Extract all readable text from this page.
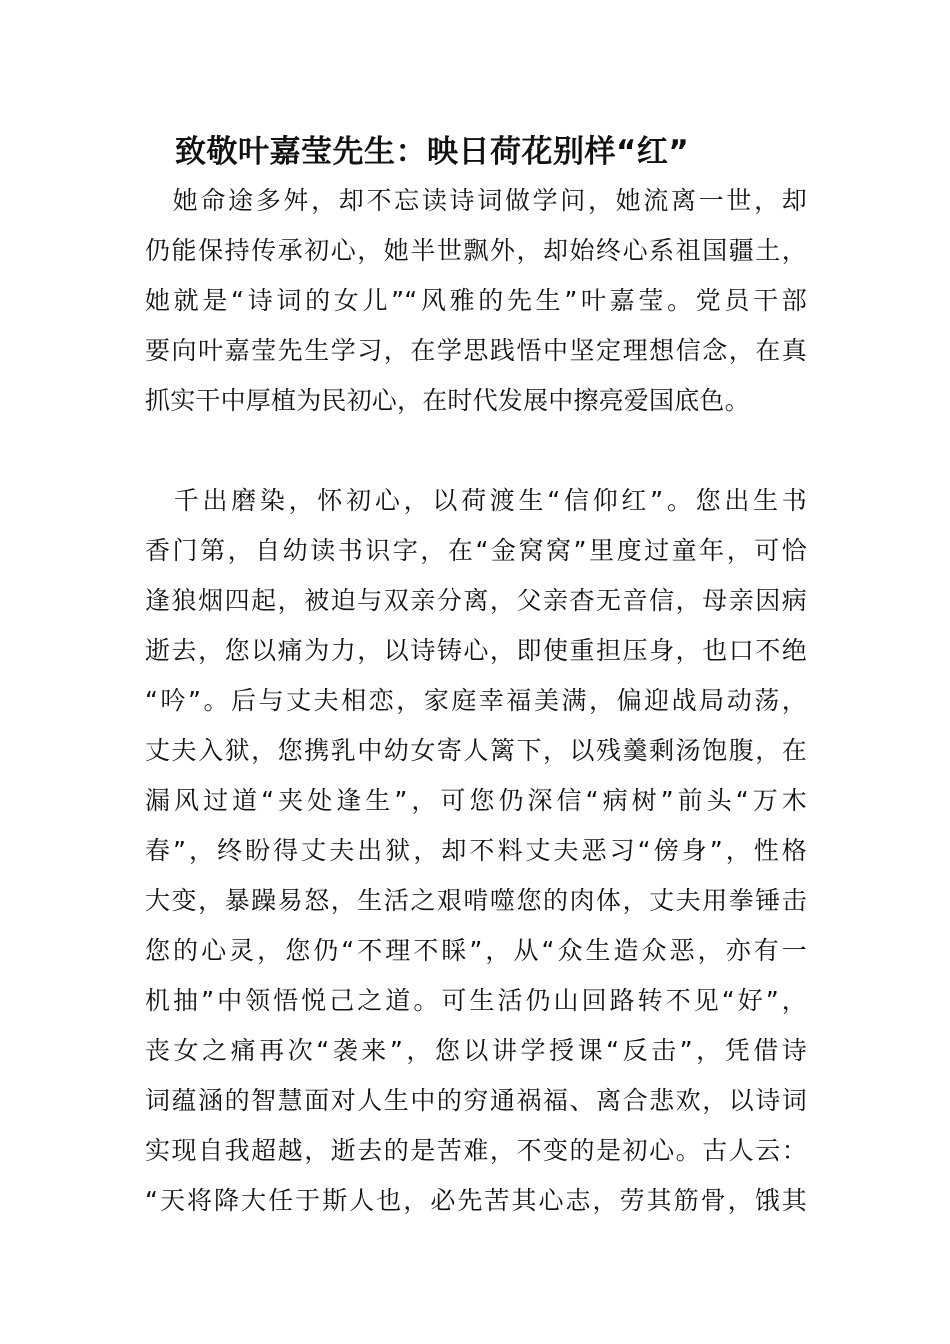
致敬叶嘉莹先生：映日荷花别样“红”
　她命途多舛，却不忘读诗词做学问，她流离一世，却
仍能保持传承初心，她半世飘外，却始终心系祖国疆土，
她就是“诗词的女儿”“风雅的先生”叶嘉莹。党员干部
要向叶嘉莹先生学习，在学思践悟中坚定理想信念，在真
抓实干中厚植为民初心，在时代发展中擦亮爱国底色。
　千出磨染，怀初心，以荷渡生“信仰红”。您出生书
香门第，自幼读书识字，在“金窝窝”里度过童年，可恰
逢狼烟四起，被迫与双亲分离，父亲杳无音信，母亲因病
逝去，您以痛为力，以诗铸心，即使重担压身，也口不绝
“吟”。后与丈夫相恋，家庭幸福美满，偏迎战局动荡，
丈夫入狱，您携乳中幼女寄人篱下，以残羹剩汤饱腹，在
漏风过道“夹处逢生”，可您仍深信“病树”前头“万木
春”，终盼得丈夫出狱，却不料丈夫恶习“傍身”，性格
大变，暴躁易怒，生活之艰啃噬您的肉体，丈夫用拳锤击
您的心灵，您仍“不理不睬”，从“众生造众恶，亦有一
机抽”中领悟悦己之道。可生活仍山回路转不见“好”，
丧女之痛再次“袭来”，您以讲学授课“反击”，凭借诗
词蕴涵的智慧面对人生中的穷通祸福、离合悲欢，以诗词
实现自我超越，逝去的是苦难，不变的是初心。古人云：
“天将降大任于斯人也，必先苦其心志，劳其筋骨，饿其
